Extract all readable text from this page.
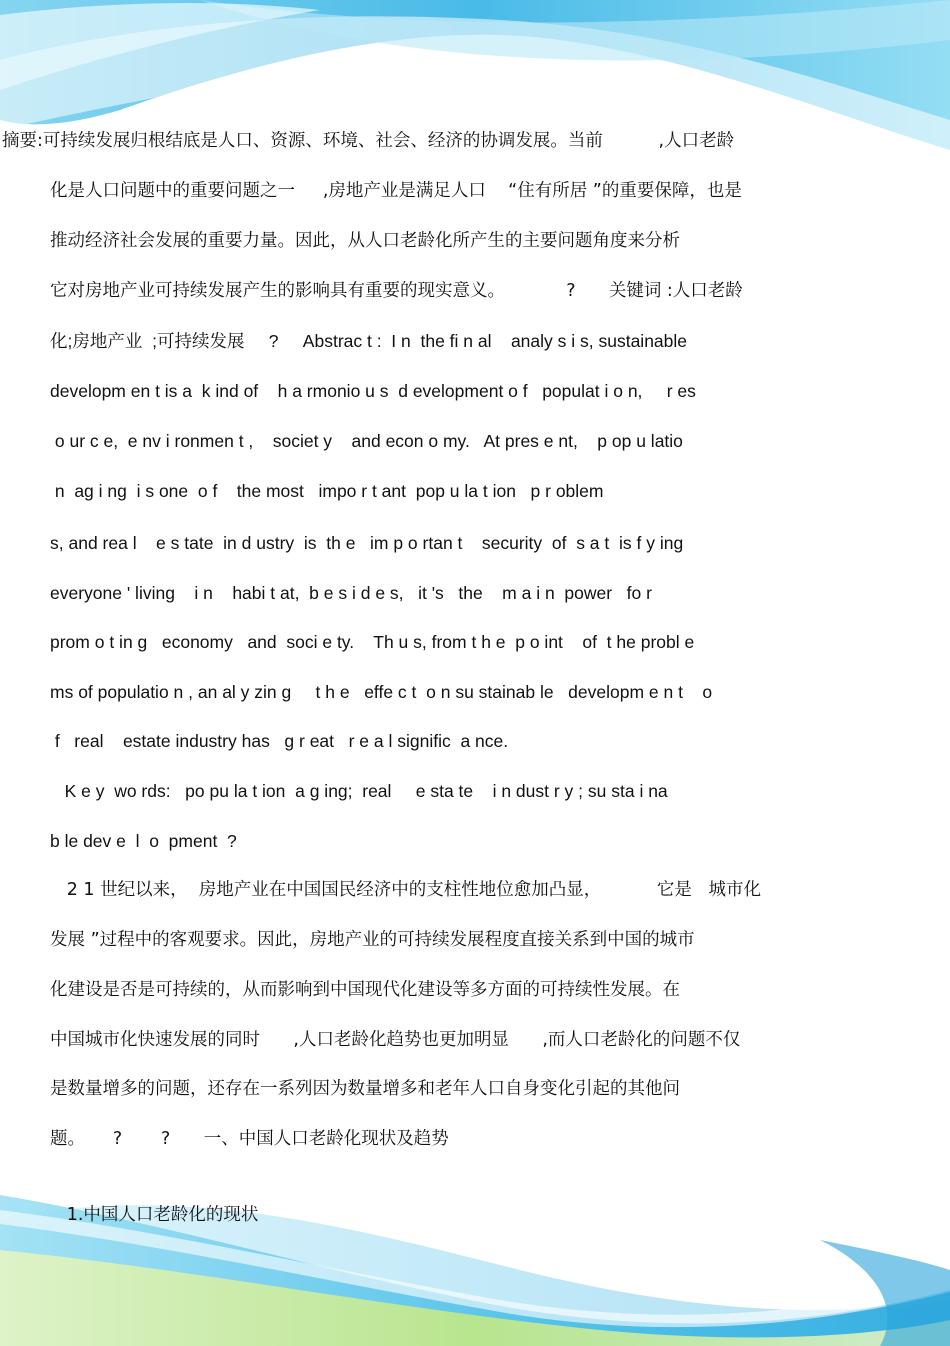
摘要:可持续发展归根结底是人口、资源、环境、社会、经济的协调发展。当前          ,人口老龄
化是人口问题中的重要问题之一     ,房地产业是满足人口    “住有所居 ”的重要保障，也是
推动经济社会发展的重要力量。因此，从人口老龄化所产生的主要问题角度来分析
它对房地产业可持续发展产生的影响具有重要的现实意义。           ?      关键词 :人口老龄
化;房地产业  ;可持续发展     ?     Abstrac t :  I n  the fi n al    analy s i s, sustainable
developm en t is a  k ind of    h a rmonio u s  d evelopment o f   populat i o n,     r es
o ur c e,  e nv i ronmen t ,    societ y    and econ o my.   At pres e nt,    p op u latio
n  ag i ng  i s one  o f    the most   impo r t ant  pop u la t ion   p r oblem
s, and rea l    e s tate  in d ustry  is  th e   im p o rtan t    security  of  s a t  is f y ing
everyone ' living    i n    habi t at,  b e s i d e s,   it 's   the    m a i n  power   fo r
prom o t in g   economy   and  soci e ty.    Th u s, from t h e  p o int    of  t he probl e
ms of populatio n , an al y zin g     t h e   effe c t  o n su stainab le   developm e n t    o
f   real    estate industry has   g r eat   r e a l signific  a nce.
K e y  wo rds:   po pu la t ion  a g ing;  real     e sta te    i n dust r y ; su sta i na
b le dev e  l  o  pment  ?
2 1 世纪以来，  房地产业在中国国民经济中的支柱性地位愈加凸显，          它是   城市化
发展 ”过程中的客观要求。因此，房地产业的可持续发展程度直接关系到中国的城市
化建设是否是可持续的，从而影响到中国现代化建设等多方面的可持续性发展。在
中国城市化快速发展的同时      ,人口老龄化趋势也更加明显      ,而人口老龄化的问题不仅
是数量增多的问题，还存在一系列因为数量增多和老年人口自身变化引起的其他问
题。     ?       ?      一、中国人口老龄化现状及趋势
1.中国人口老龄化的现状
